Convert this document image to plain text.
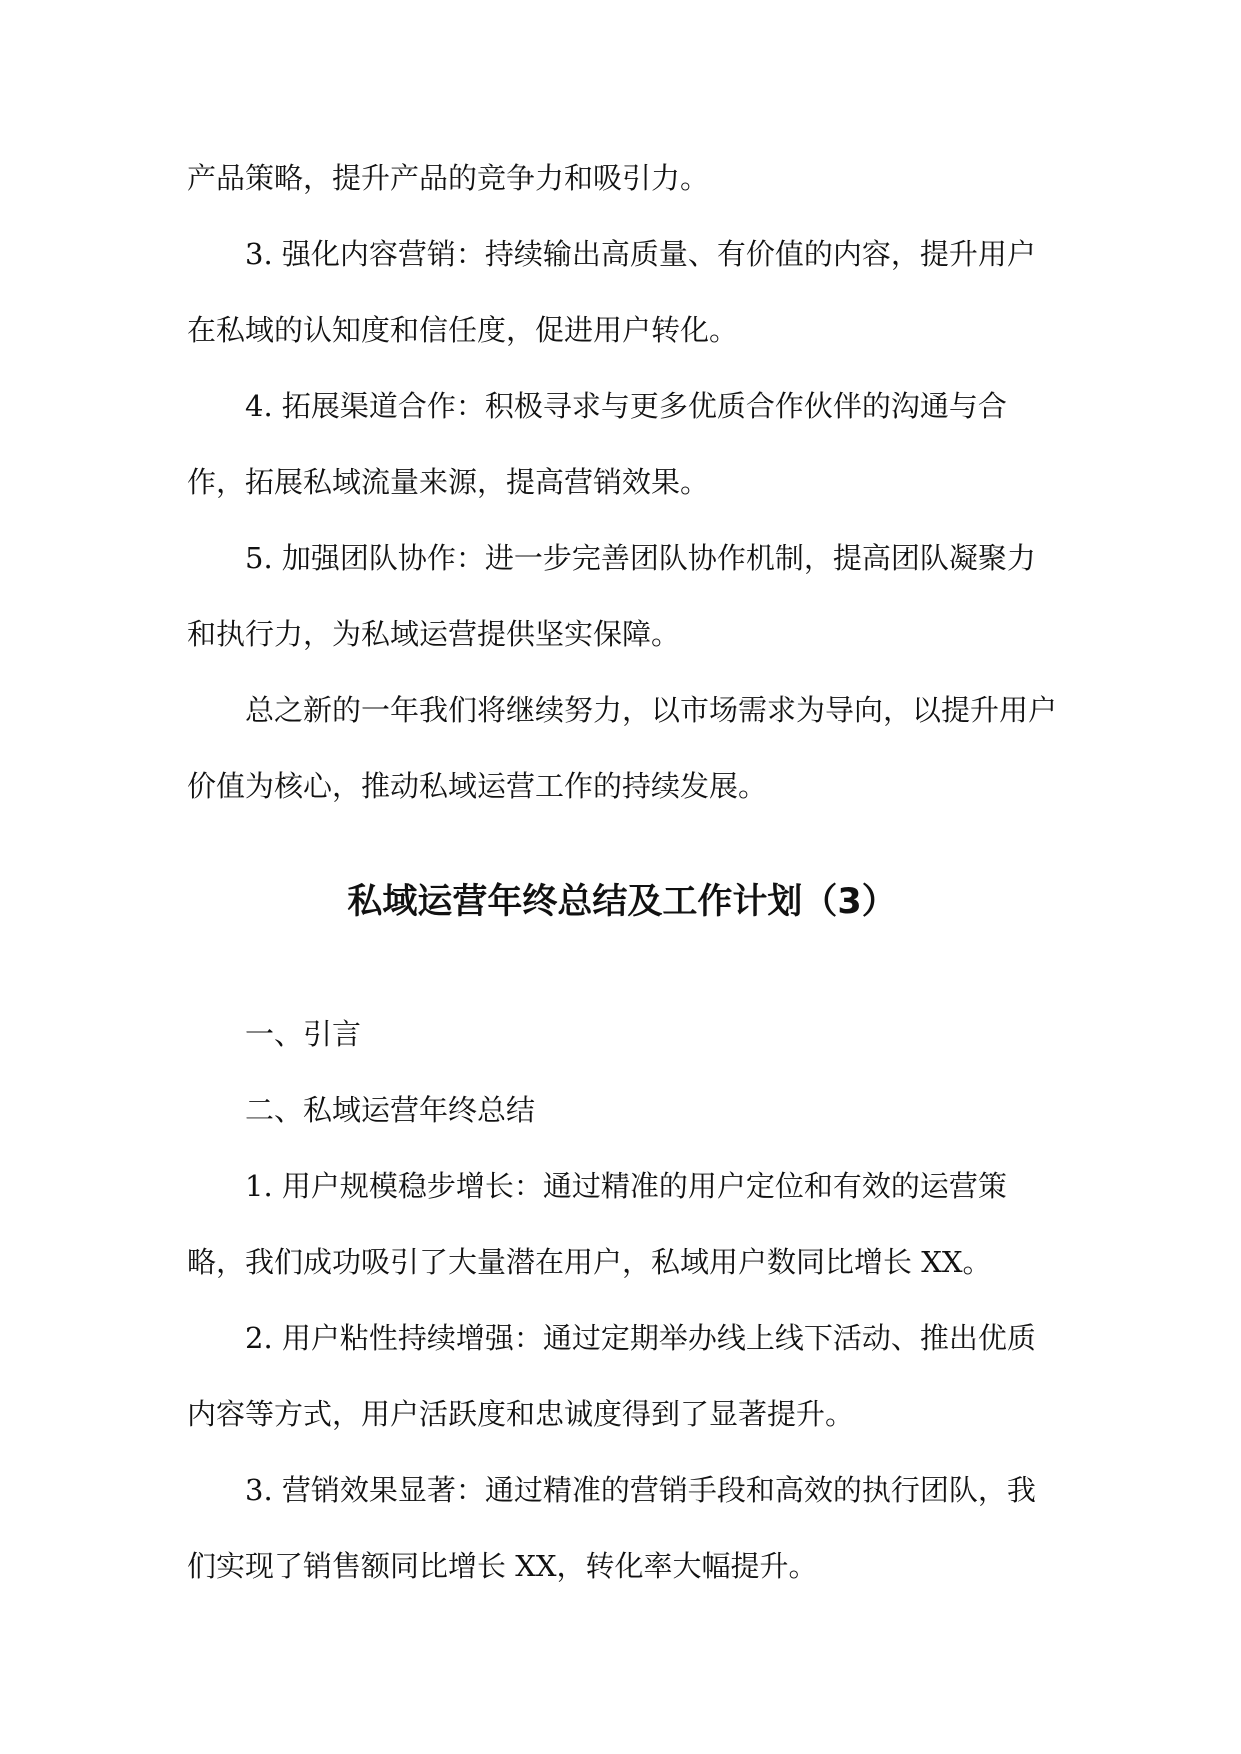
产品策略，提升产品的竞争力和吸引力。

3. 强化内容营销：持续输出高质量、有价值的内容，提升用户在私域的认知度和信任度，促进用户转化。

4. 拓展渠道合作：积极寻求与更多优质合作伙伴的沟通与合作，拓展私域流量来源，提高营销效果。

5. 加强团队协作：进一步完善团队协作机制，提高团队凝聚力和执行力，为私域运营提供坚实保障。

总之新的一年我们将继续努力，以市场需求为导向，以提升用户价值为核心，推动私域运营工作的持续发展。

私域运营年终总结及工作计划（3）

一、引言

二、私域运营年终总结

1. 用户规模稳步增长：通过精准的用户定位和有效的运营策略，我们成功吸引了大量潜在用户，私域用户数同比增长 XX。

2. 用户粘性持续增强：通过定期举办线上线下活动、推出优质内容等方式，用户活跃度和忠诚度得到了显著提升。

3. 营销效果显著：通过精准的营销手段和高效的执行团队，我们实现了销售额同比增长 XX，转化率大幅提升。
